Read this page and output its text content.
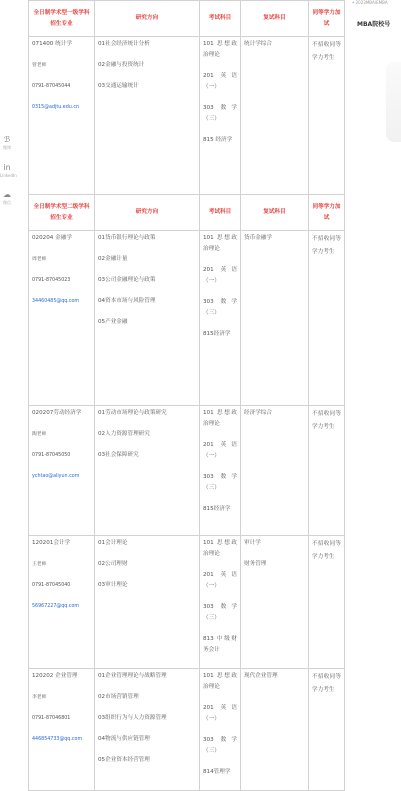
ℬ
微博
in
LinkedIn
☁
微信
• 2023MBA/EMBA
MBA院校号
全日制学术型一级学科招生专业	研究方向	考试科目	复试科目	同等学力加试

071400 统计学
曾老师
0791-87045044
0315@adjtu.edu.cn	01社会经济统计分析
02金融与投资统计
03交通运输统计	101 思想政治理论
201 英语（一）
303 数学（三）
815 经济学	统计学综合	不招收同等学力考生

全日制学术型二级学科招生专业	研究方向	考试科目	复试科目	同等学力加试

020204 金融学
周老师
0791-87045023
34460485@qq.com	01货币银行理论与政策
02金融计量
03公司金融理论与政策
04资本市场与风险管理
05产业金融	101 思想政治理论
201 英语（一）
303 数学（三）
815经济学	货币金融学	不招收同等学力考生

020207劳动经济学
陶老师
0791-87045050
ychtao@aliyun.com	01劳动市场理论与政策研究
02人力资源管理研究
03社会保障研究	101 思想政治理论
201 英语（一）
303 数学（三）
815经济学	经济学综合	不招收同等学力考生

120201会计学
王老师
0791-87045040
56967227@qq.com	01会计理论
02公司理财
03审计理论	101 思想政治理论
201 英语（一）
303 数学（三）
813 中级财务会计	审计学
财务管理	不招收同等学力考生

120202 企业管理
李老师
0791-87046801
446854733@qq.com	01企业管理理论与战略管理
02市场营销管理
03组织行为与人力资源管理
04物流与供应链管理
05企业资本经营管理	101 思想政治理论
201 英语（一）
303 数学（三）
814管理学	现代企业管理	不招收同等学力考生
